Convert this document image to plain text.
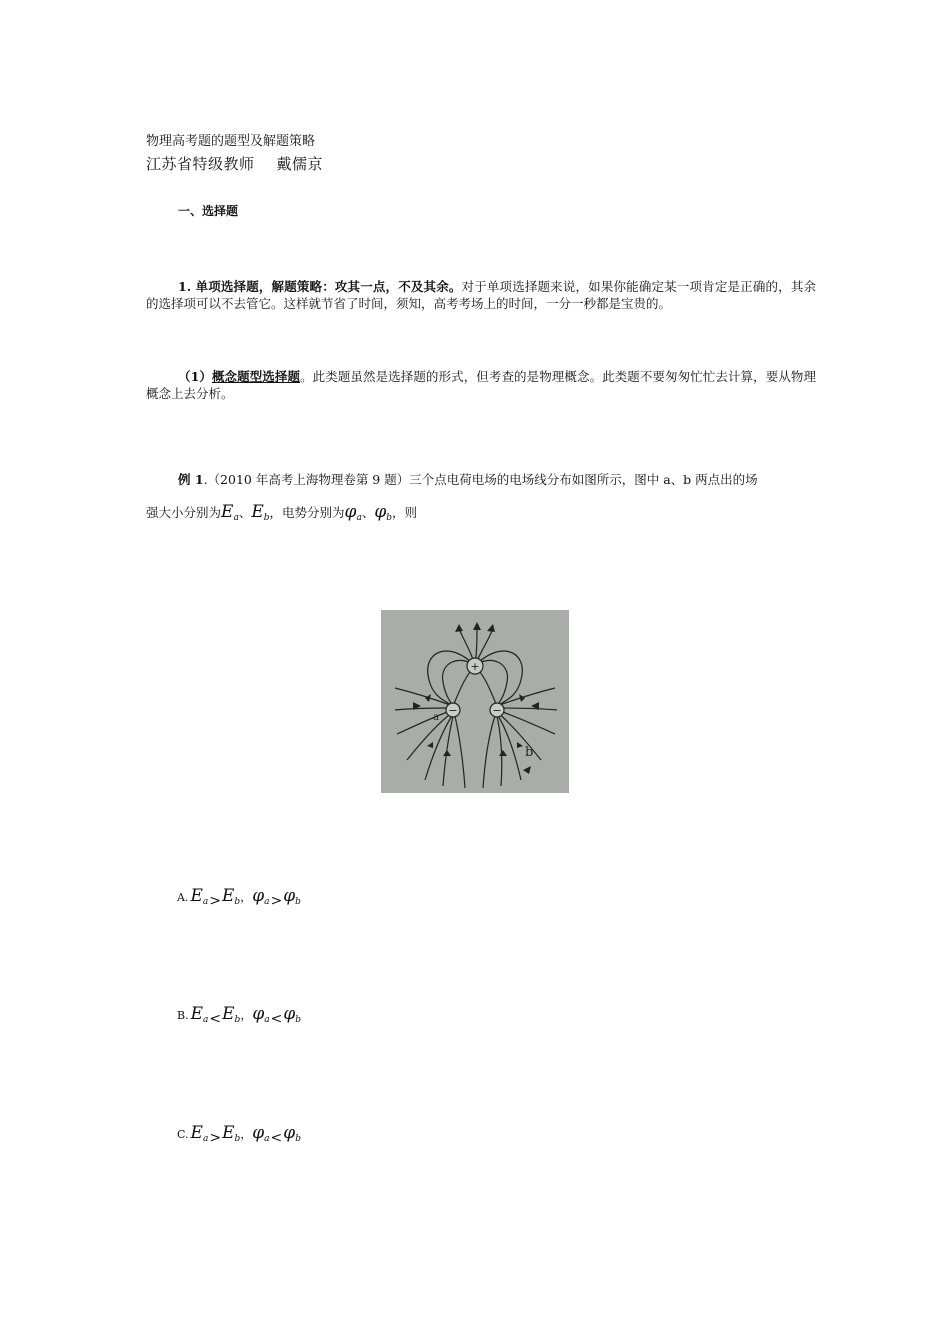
物理高考题的题型及解题策略
江苏省特级教师 戴儒京
一、选择题
1. 单项选择题，解题策略：攻其一点，不及其余。对于单项选择题来说，如果你能确定某一项肯定是正确的，其余的选择项可以不去管它。这样就节省了时间，须知，高考考场上的时间，一分一秒都是宝贵的。
（1）概念题型选择题。此类题虽然是选择题的形式，但考查的是物理概念。此类题不要匆匆忙忙去计算，要从物理概念上去分析。
例 1.（2010 年高考上海物理卷第 9 题）三个点电荷电场的电场线分布如图所示，图中 a、b 两点出的场
强大小分别为$E_a$、$E_b$，电势分别为$\varphi_a$、$\varphi_b$，则
+
−	−
a
b
A. $E_a>E_b$，$\varphi_a>\varphi_b$
B. $E_a<E_b$，$\varphi_a<\varphi_b$
C. $E_a>E_b$，$\varphi_a<\varphi_b$
